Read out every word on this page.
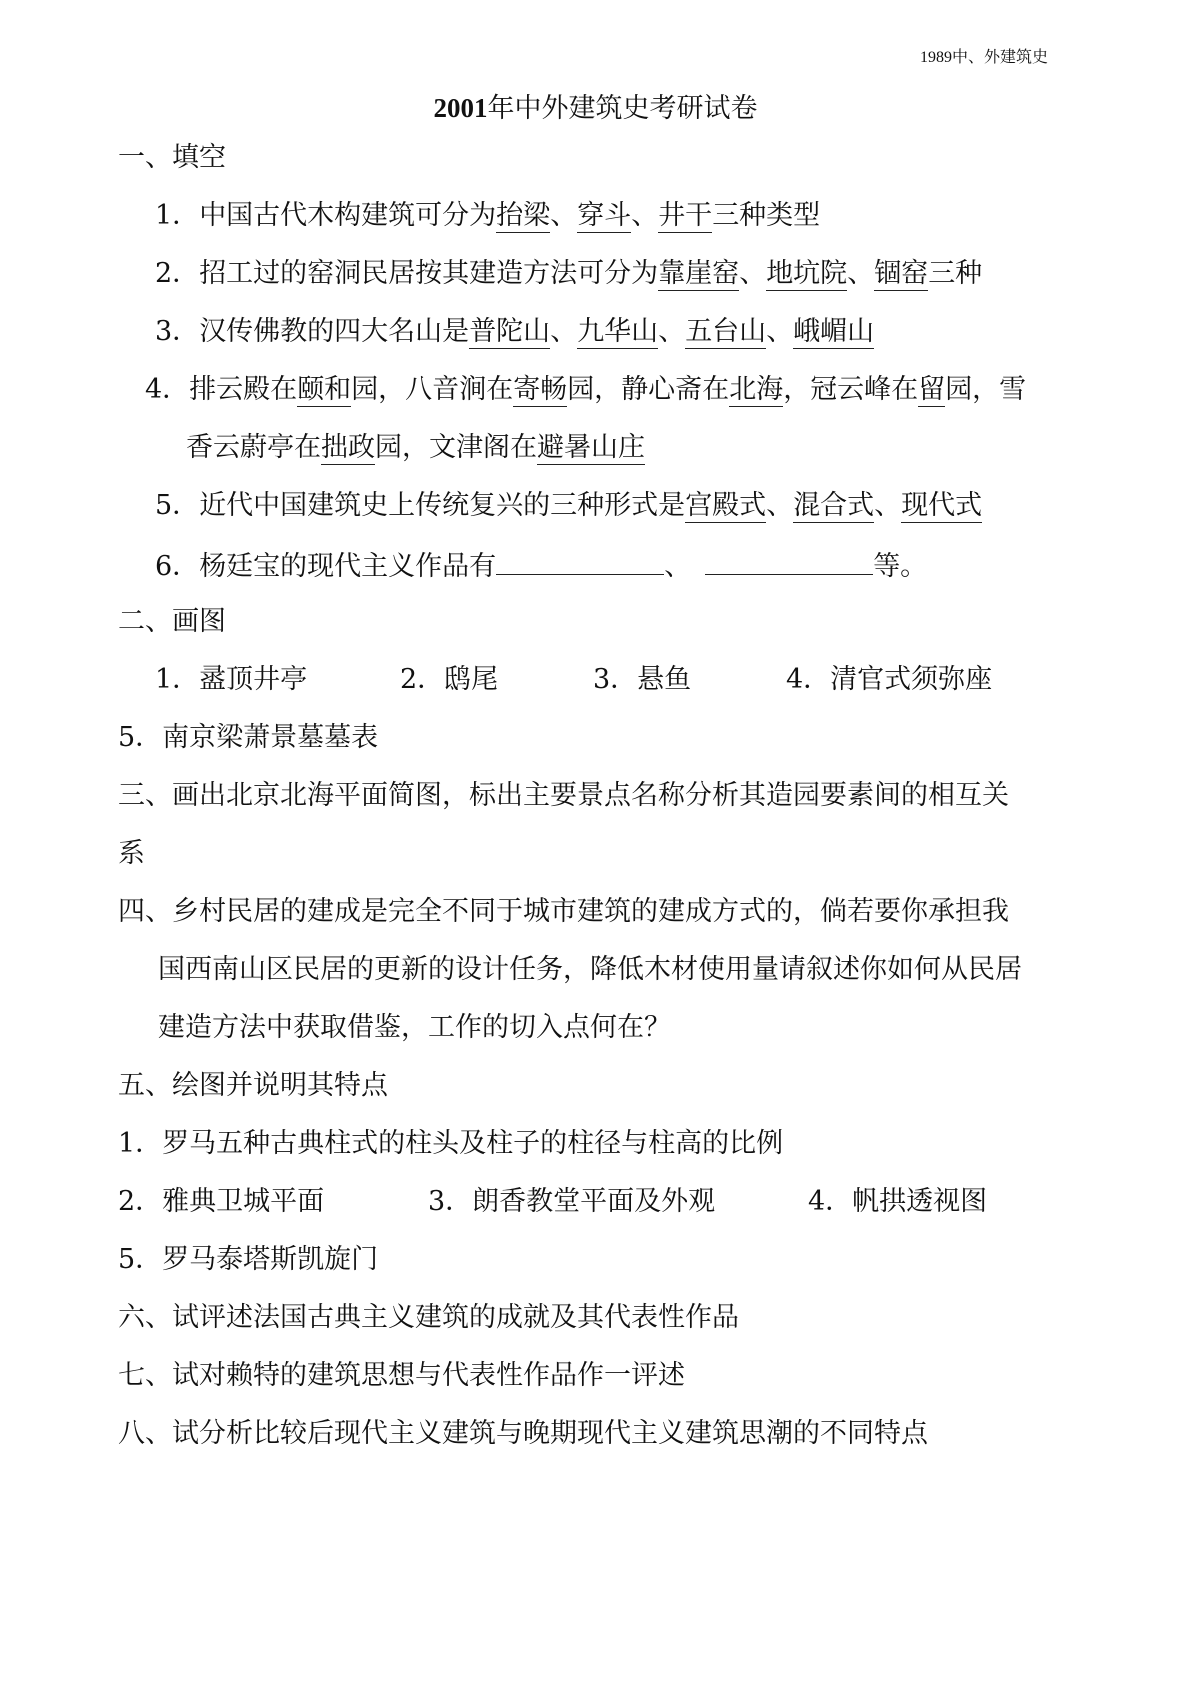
1989中、外建筑史
2001年中外建筑史考研试卷
一、填空
1．中国古代木构建筑可分为抬梁、穿斗、井干三种类型
2．招工过的窑洞民居按其建造方法可分为靠崖窑、地坑院、锢窑三种
3．汉传佛教的四大名山是普陀山、九华山、五台山、峨嵋山
4．排云殿在颐和园，八音涧在寄畅园，静心斋在北海，冠云峰在留园，雪
香云蔚亭在拙政园，文津阁在避暑山庄
5．近代中国建筑史上传统复兴的三种形式是宫殿式、混合式、现代式
6．杨廷宝的现代主义作品有	、	等。
二、画图
1．盝顶井亭	2．鸱尾	3．悬鱼	4．清官式须弥座
5．南京梁萧景墓墓表
三、画出北京北海平面简图，标出主要景点名称分析其造园要素间的相互关
系
四、乡村民居的建成是完全不同于城市建筑的建成方式的，倘若要你承担我
国西南山区民居的更新的设计任务，降低木材使用量请叙述你如何从民居
建造方法中获取借鉴，工作的切入点何在？
五、绘图并说明其特点
1．罗马五种古典柱式的柱头及柱子的柱径与柱高的比例
2．雅典卫城平面	3．朗香教堂平面及外观	4．帆拱透视图
5．罗马泰塔斯凯旋门
六、试评述法国古典主义建筑的成就及其代表性作品
七、试对赖特的建筑思想与代表性作品作一评述
八、试分析比较后现代主义建筑与晚期现代主义建筑思潮的不同特点
